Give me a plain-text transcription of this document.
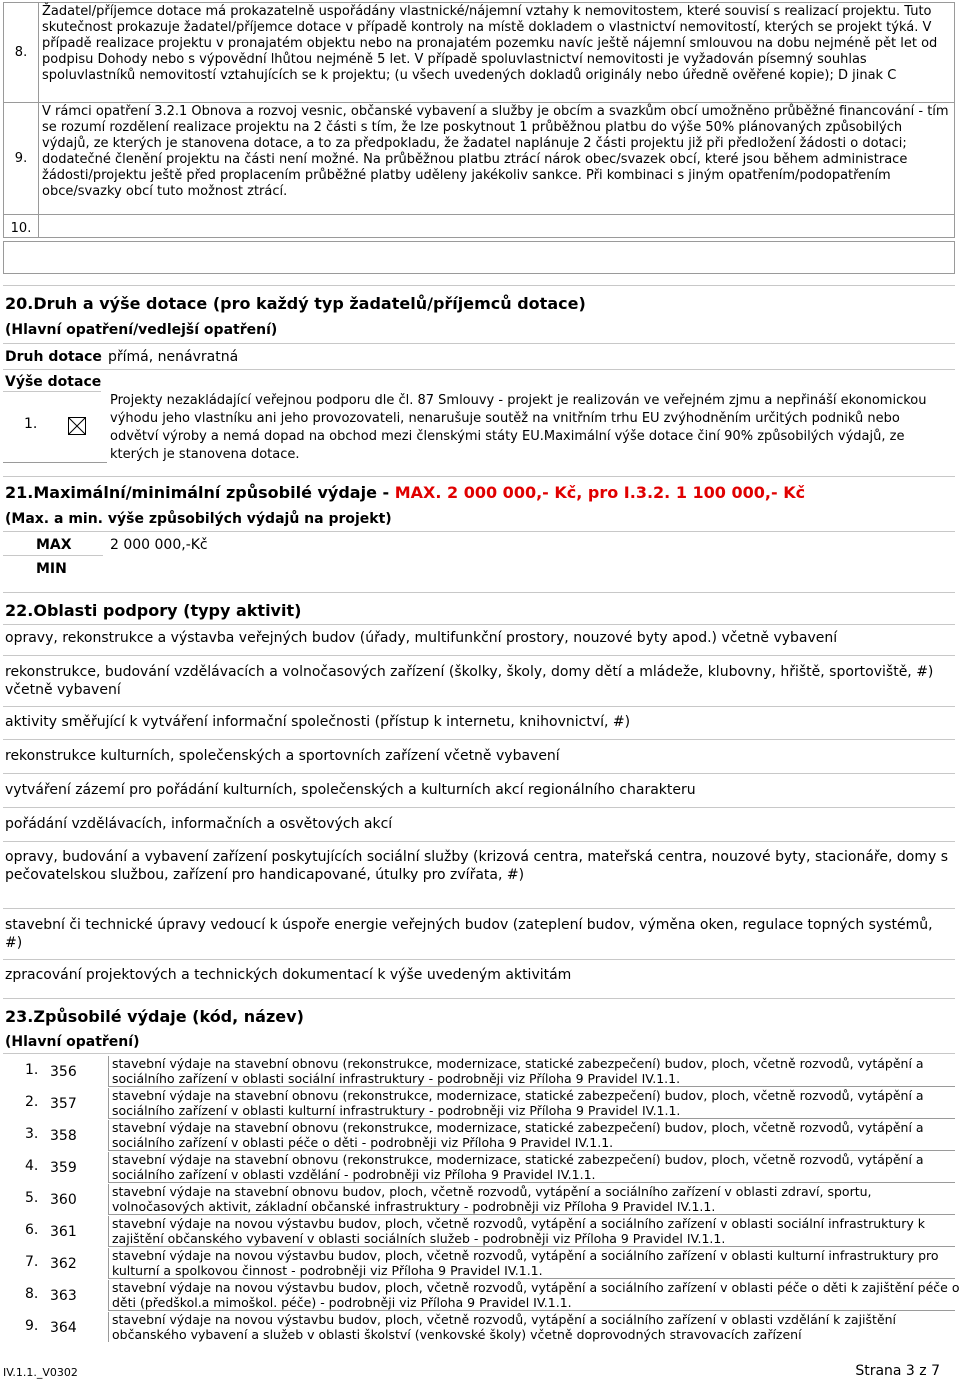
8.	Žadatel/příjemce dotace má prokazatelně uspořádány vlastnické/nájemní vztahy k nemovitostem, které souvisí s realizací projektu. Tuto skutečnost prokazuje žadatel/příjemce dotace v případě kontroly na místě dokladem o vlastnictví nemovitostí, kterých se projekt týká. V případě realizace projektu v pronajatém objektu nebo na pronajatém pozemku navíc ještě nájemní smlouvou na dobu nejméně pět let od podpisu Dohody nebo s výpovědní lhůtou nejméně 5 let. V případě spoluvlastnictví nemovitosti je vyžadován písemný souhlas spoluvlastníků nemovitostí vztahujících se k projektu; (u všech uvedených dokladů originály nebo úředně ověřené kopie); D jinak C

9.	V rámci opatření 3.2.1 Obnova a rozvoj vesnic, občanské vybavení a služby je obcím a svazkům obcí umožněno průběžné financování - tím se rozumí rozdělení realizace projektu na 2 části s tím, že lze poskytnout 1 průběžnou platbu do výše 50% plánovaných způsobilých výdajů, ze kterých je stanovena dotace, a to za předpokladu, že žadatel naplánuje 2 části projektu již při předložení žádosti o dotaci; dodatečné členění projektu na části není možné. Na průběžnou platbu ztrácí nárok obec/svazek obcí, které jsou během administrace žádosti/projektu ještě před proplacením průběžné platby uděleny jakékoliv sankce. Při kombinaci s jiným opatřením/podopatřením obce/svazky obcí tuto možnost ztrácí.

10.	
20.Druh a výše dotace (pro každý typ žadatelů/příjemců dotace)
(Hlavní opatření/vedlejší opatření)
Druh dotace přímá, nenávratná
Výše dotace
1.
Projekty nezakládající veřejnou podporu dle čl. 87 Smlouvy - projekt je realizován ve veřejném zjmu a nepřináší ekonomickou výhodu jeho vlastníku ani jeho provozovateli, nenarušuje soutěž na vnitřním trhu EU zvýhodněním určitých podniků nebo odvětví výroby a nemá dopad na obchod mezi členskými státy EU.Maximální výše dotace činí 90% způsobilých výdajů, ze kterých je stanovena dotace.
21.Maximální/minimální způsobilé výdaje - MAX. 2 000 000,- Kč, pro I.3.2. 1 100 000,- Kč
(Max. a min. výše způsobilých výdajů na projekt)
MAX	2 000 000,-Kč
MIN
22.Oblasti podpory (typy aktivit)

opravy, rekonstrukce a výstavba veřejných budov (úřady, multifunkční prostory, nouzové byty apod.) včetně vybavení

rekonstrukce, budování vzdělávacích a volnočasových zařízení (školky, školy, domy dětí a mládeže, klubovny, hřiště, sportoviště, #) včetně vybavení

aktivity směřující k vytváření informační společnosti (přístup k internetu, knihovnictví, #)

rekonstrukce kulturních, společenských a sportovních zařízení včetně vybavení

vytváření zázemí pro pořádání kulturních, společenských a kulturních akcí regionálního charakteru

pořádání vzdělávacích, informačních a osvětových akcí

opravy, budování a vybavení zařízení poskytujících sociální služby (krizová centra, mateřská centra, nouzové byty, stacionáře, domy s pečovatelskou službou, zařízení pro handicapované, útulky pro zvířata, #)

stavební či technické úpravy vedoucí k úspoře energie veřejných budov (zateplení budov, výměna oken, regulace topných systémů, #)

zpracování projektových a technických dokumentací k výše uvedeným aktivitám

23.Způsobilé výdaje (kód, název)
(Hlavní opatření)
1. 356
stavební výdaje na stavební obnovu (rekonstrukce, modernizace, statické zabezpečení) budov, ploch, včetně rozvodů, vytápění a sociálního zařízení v oblasti sociální infrastruktury - podrobněji viz Příloha 9 Pravidel IV.1.1.
2. 357
stavební výdaje na stavební obnovu (rekonstrukce, modernizace, statické zabezpečení) budov, ploch, včetně rozvodů, vytápění a sociálního zařízení v oblasti kulturní infrastruktury - podrobněji viz Příloha 9 Pravidel IV.1.1.
3. 358
stavební výdaje na stavební obnovu (rekonstrukce, modernizace, statické zabezpečení) budov, ploch, včetně rozvodů, vytápění a sociálního zařízení v oblasti péče o děti - podrobněji viz Příloha 9 Pravidel IV.1.1.
4. 359
stavební výdaje na stavební obnovu (rekonstrukce, modernizace, statické zabezpečení) budov, ploch, včetně rozvodů, vytápění a sociálního zařízení v oblasti vzdělání - podrobněji viz Příloha 9 Pravidel IV.1.1.
5. 360
stavební výdaje na stavební obnovu budov, ploch, včetně rozvodů, vytápění a sociálního zařízení v oblasti zdraví, sportu, volnočasových aktivit, základní občanské infrastruktury - podrobněji viz Příloha 9 Pravidel IV.1.1.
6. 361
stavební výdaje na novou výstavbu budov, ploch, včetně rozvodů, vytápění a sociálního zařízení v oblasti sociální infrastruktury k zajištění občanského vybavení v oblasti sociálních služeb - podrobněji viz Příloha 9 Pravidel IV.1.1.
7. 362
stavební výdaje na novou výstavbu budov, ploch, včetně rozvodů, vytápění a sociálního zařízení v oblasti kulturní infrastruktury pro kulturní a spolkovou činnost - podrobněji viz Příloha 9 Pravidel IV.1.1.
8. 363
stavební výdaje na novou výstavbu budov, ploch, včetně rozvodů, vytápění a sociálního zařízení v oblasti péče o děti k zajištění péče o děti (předškol.a mimoškol. péče) - podrobněji viz Příloha 9 Pravidel IV.1.1.
9. 364
stavební výdaje na novou výstavbu budov, ploch, včetně rozvodů, vytápění a sociálního zařízení v oblasti vzdělání k zajištění občanského vybavení a služeb v oblasti školství (venkovské školy) včetně doprovodných stravovacích zařízení
IV.1.1._V0302	Strana 3 z 7
